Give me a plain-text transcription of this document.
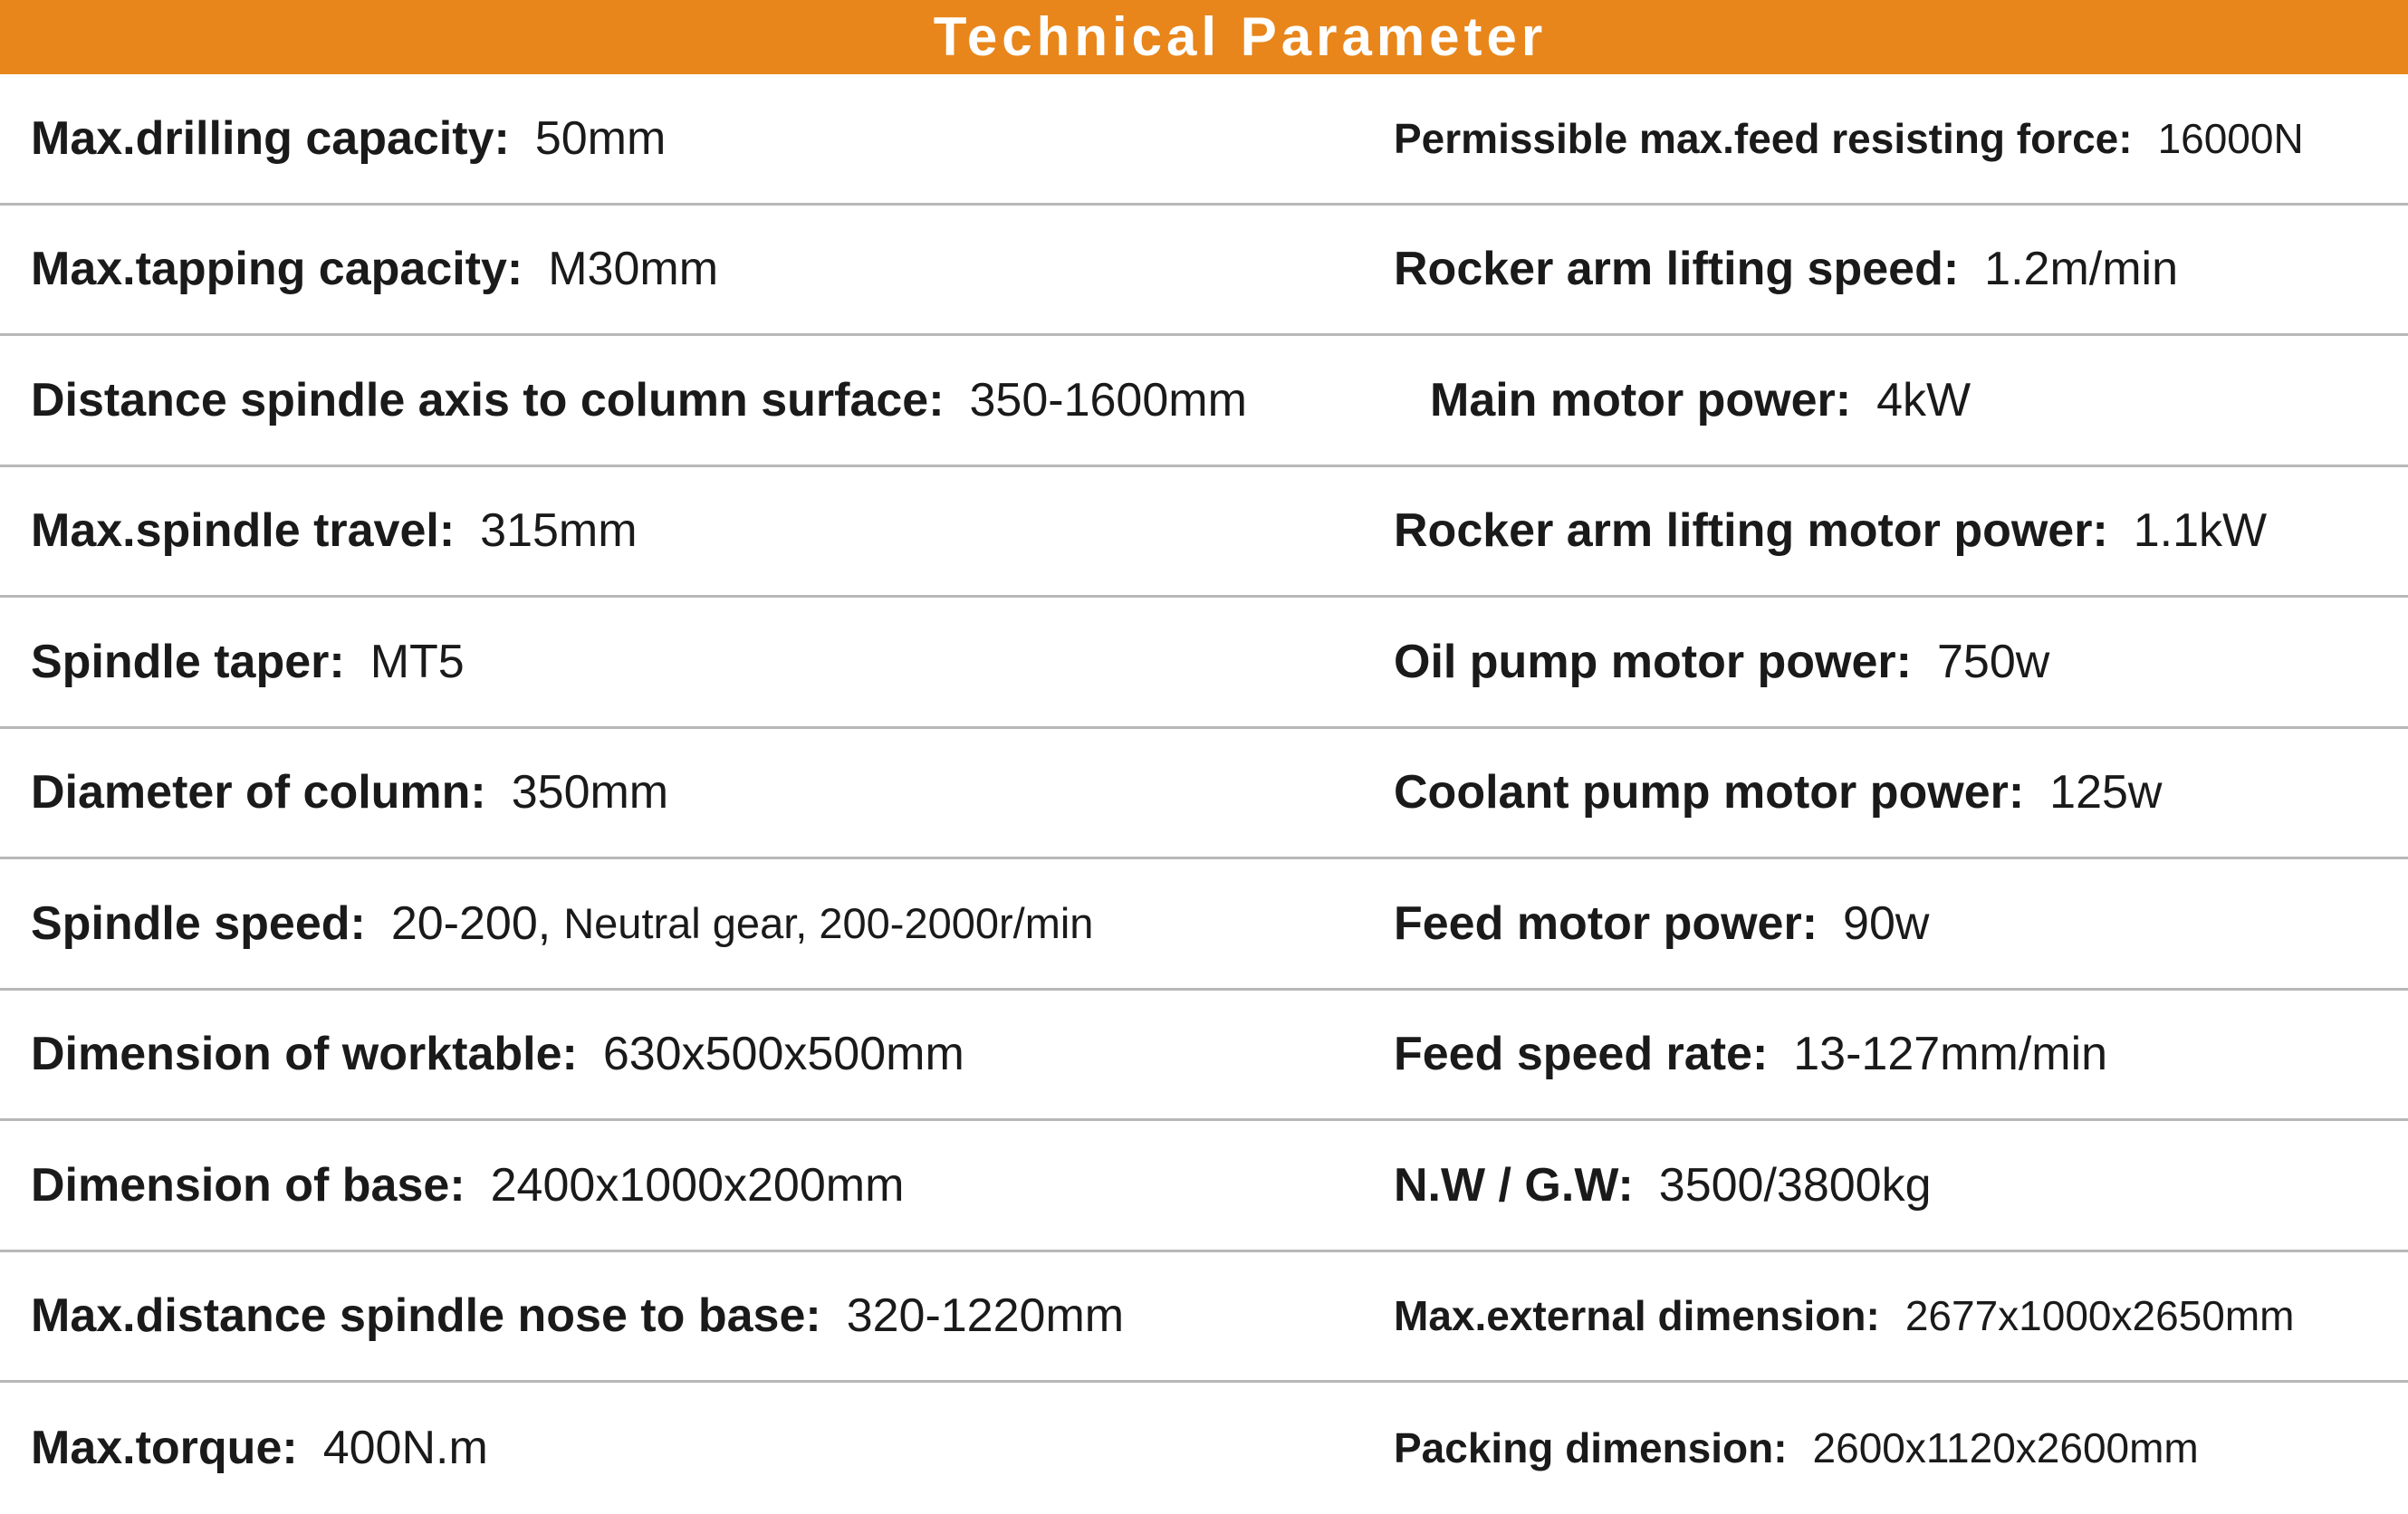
Technical Parameter
Max.drilling capacity: 50mm	Permissible max.feed resisting force: 16000N
Max.tapping capacity: M30mm	Rocker arm lifting speed: 1.2m/min
Distance spindle axis to column surface: 350-1600mm	Main motor power: 4kW
Max.spindle travel: 315mm	Rocker arm lifting motor power: 1.1kW
Spindle taper: MT5	Oil pump motor power: 750w
Diameter of column: 350mm	Coolant pump motor power: 125w
Spindle speed: 20-200, Neutral gear, 200-2000r/min	Feed motor power: 90w
Dimension of worktable: 630x500x500mm	Feed speed rate: 13-127mm/min
Dimension of base: 2400x1000x200mm	N.W / G.W: 3500/3800kg
Max.distance spindle nose to base: 320-1220mm	Max.external dimension: 2677x1000x2650mm
Max.torque: 400N.m	Packing dimension: 2600x1120x2600mm
